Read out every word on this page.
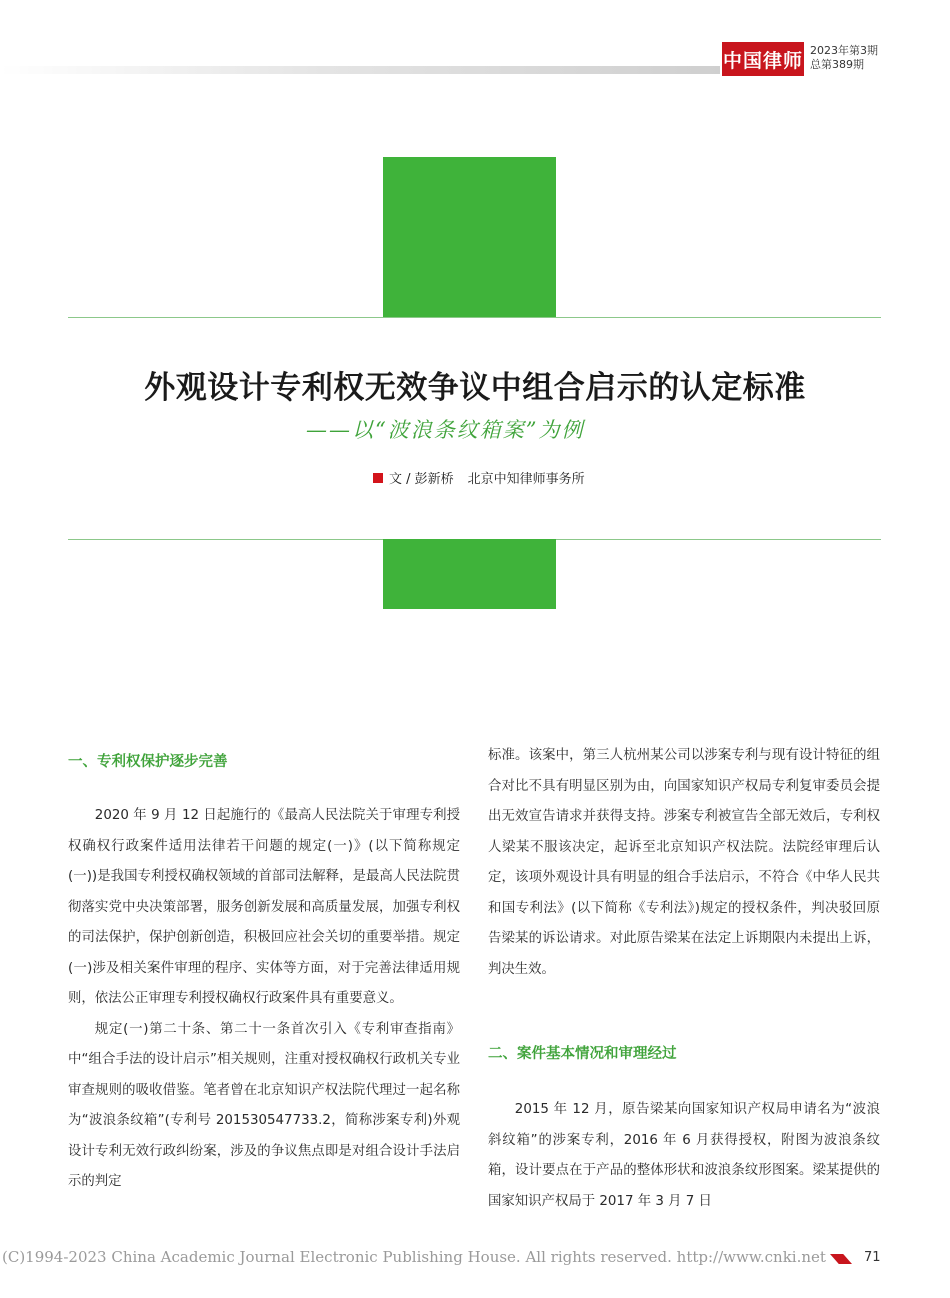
中国律师 2023年第3期
总第389期
外观设计专利权无效争议中组合启示的认定标准
——以“波浪条纹箱案”为例
文 / 彭新桥 北京中知律师事务所
一、专利权保护逐步完善

2020 年 9 月 12 日起施行的《最高人民法院关于审理专利授权确权行政案件适用法律若干问题的规定(一)》(以下简称规定(一))是我国专利授权确权领域的首部司法解释，是最高人民法院贯彻落实党中央决策部署，服务创新发展和高质量发展，加强专利权的司法保护，保护创新创造，积极回应社会关切的重要举措。规定(一)涉及相关案件审理的程序、实体等方面，对于完善法律适用规则，依法公正审理专利授权确权行政案件具有重要意义。

规定(一)第二十条、第二十一条首次引入《专利审查指南》中“组合手法的设计启示”相关规则，注重对授权确权行政机关专业审查规则的吸收借鉴。笔者曾在北京知识产权法院代理过一起名称为“波浪条纹箱”(专利号 201530547733.2，简称涉案专利)外观设计专利无效行政纠纷案，涉及的争议焦点即是对组合设计手法启示的判定

标准。该案中，第三人杭州某公司以涉案专利与现有设计特征的组合对比不具有明显区别为由，向国家知识产权局专利复审委员会提出无效宣告请求并获得支持。涉案专利被宣告全部无效后，专利权人梁某不服该决定，起诉至北京知识产权法院。法院经审理后认定，该项外观设计具有明显的组合手法启示，不符合《中华人民共和国专利法》(以下简称《专利法》)规定的授权条件，判决驳回原告梁某的诉讼请求。对此原告梁某在法定上诉期限内未提出上诉，判决生效。

二、案件基本情况和审理经过

2015 年 12 月，原告梁某向国家知识产权局申请名为“波浪斜纹箱”的涉案专利，2016 年 6 月获得授权，附图为波浪条纹箱，设计要点在于产品的整体形状和波浪条纹形图案。梁某提供的国家知识产权局于 2017 年 3 月 7 日

(C)1994-2023 China Academic Journal Electronic Publishing House. All rights reserved. http://www.cnki.net	71
